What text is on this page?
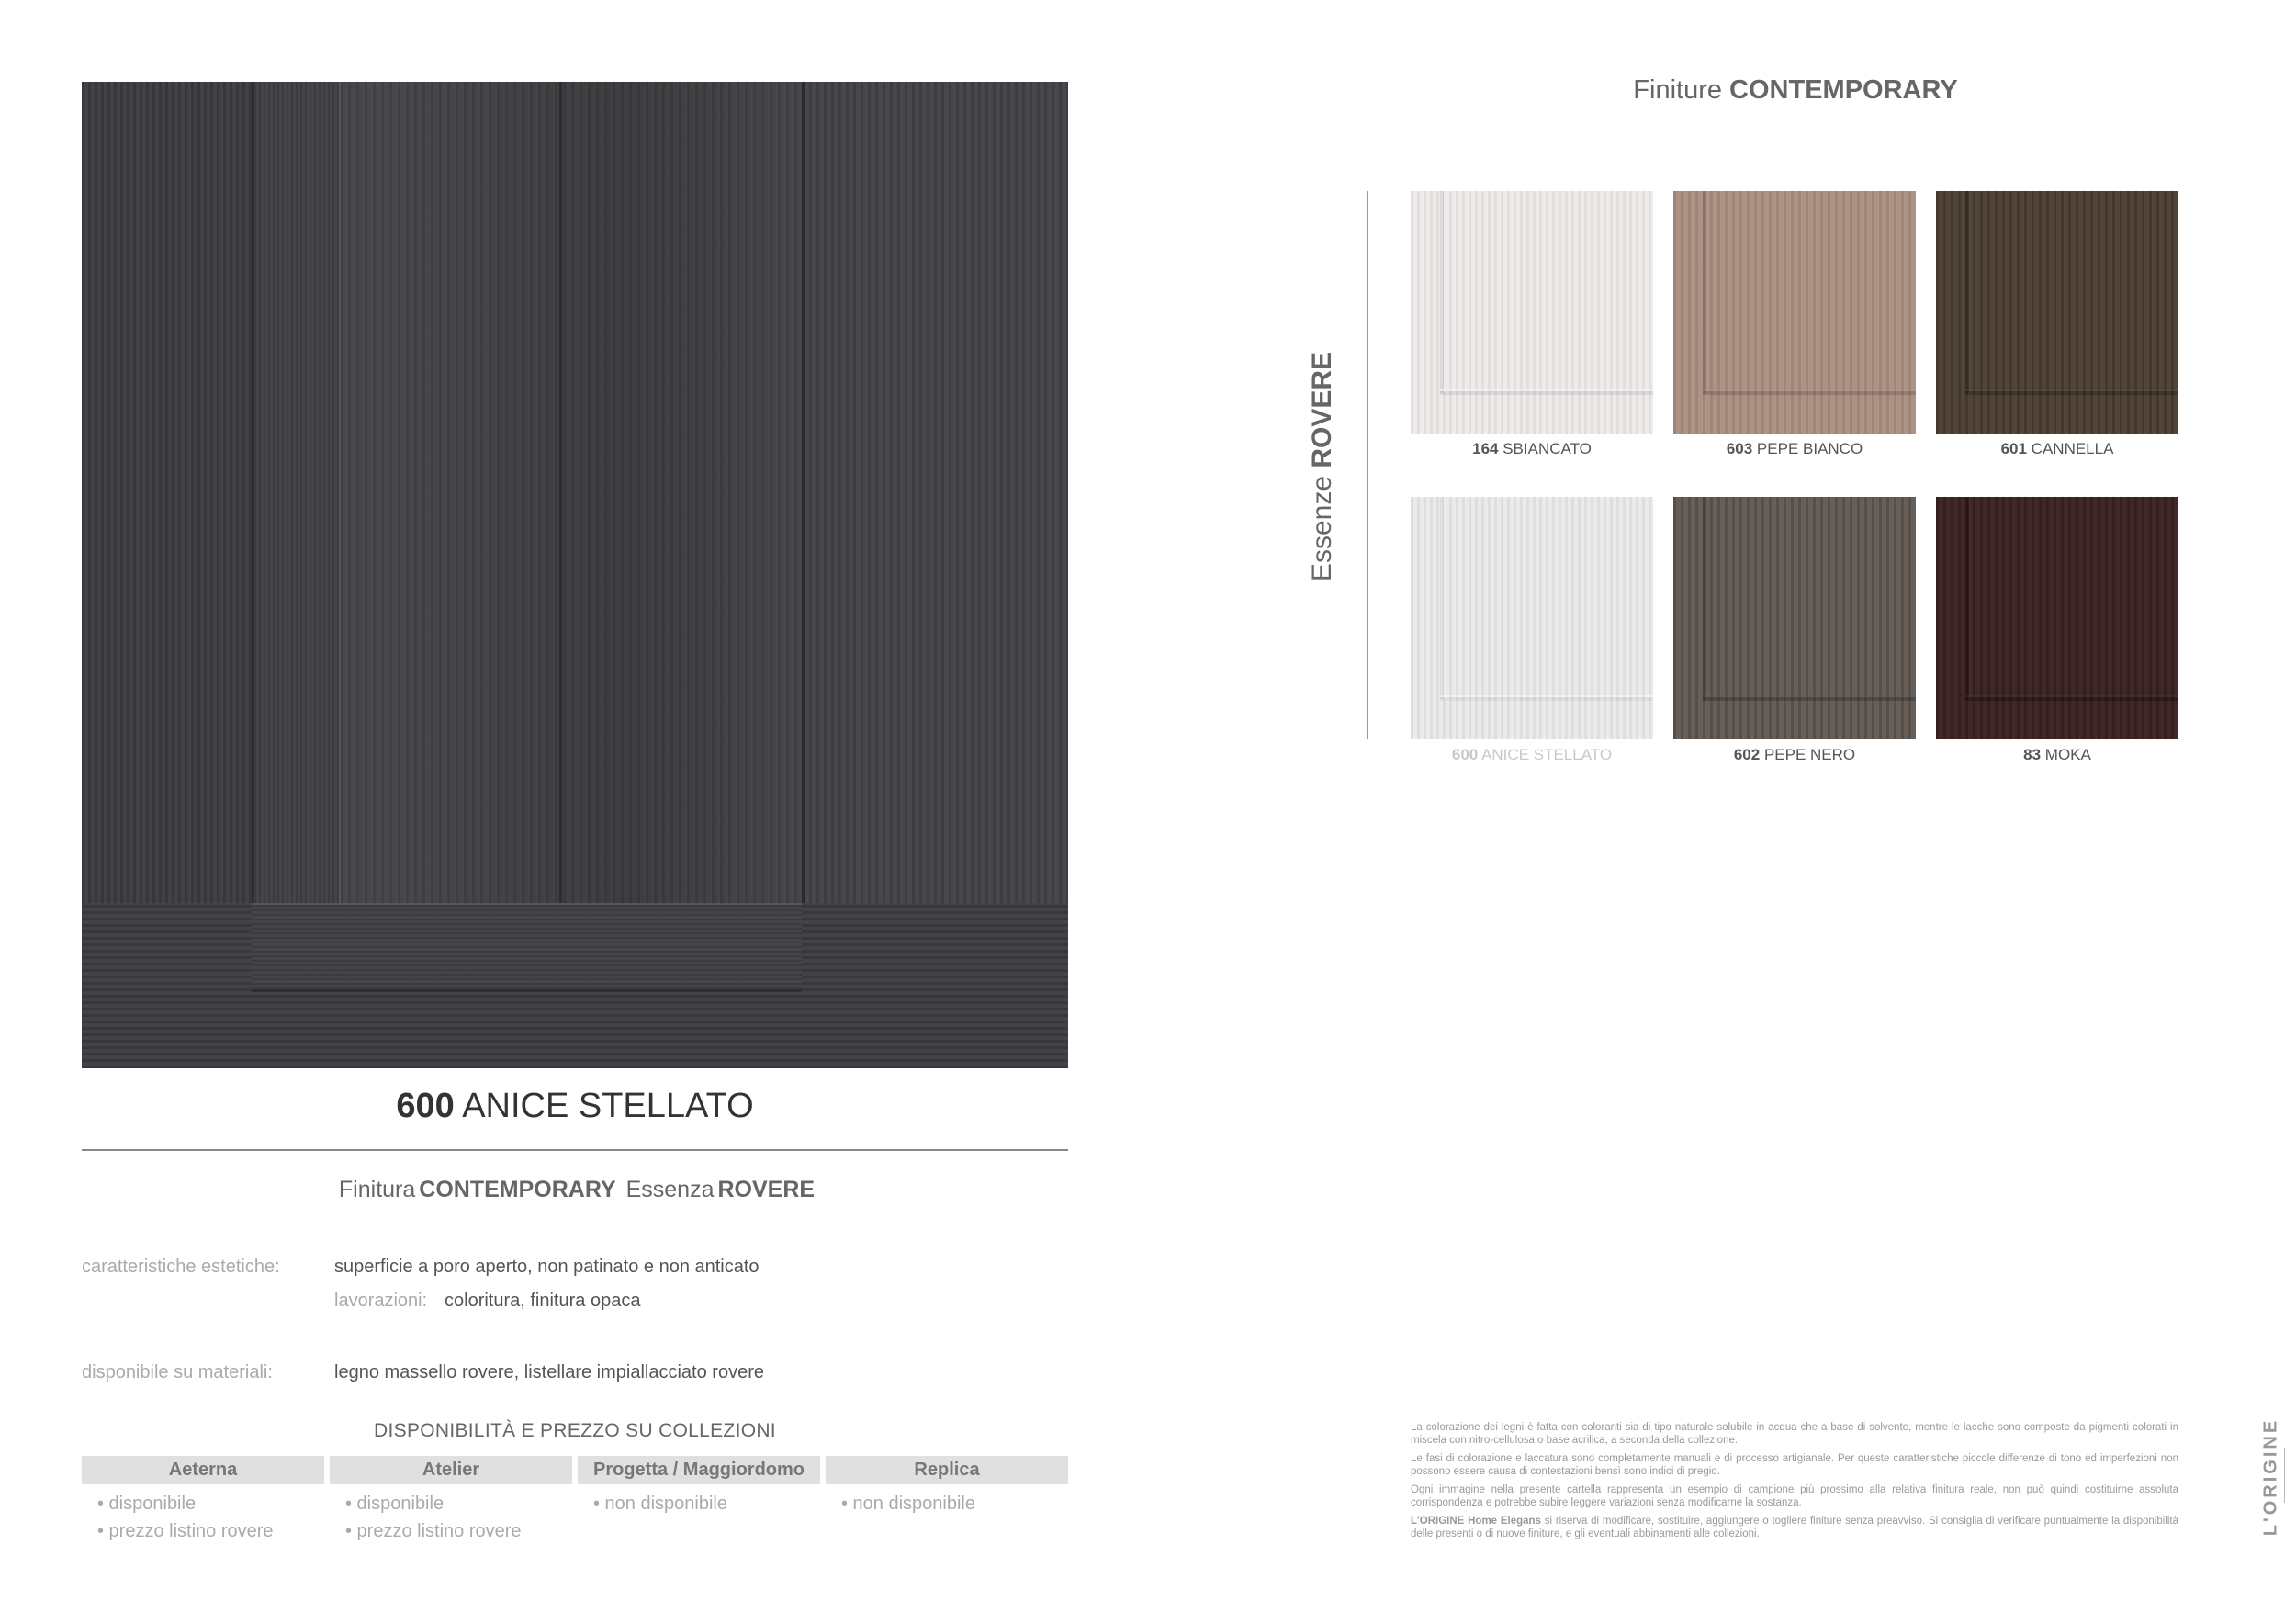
600 ANICE STELLATO
Finitura CONTEMPORARY Essenza ROVERE
caratteristiche estetiche:	superficie a poro aperto, non patinato e non anticato
lavorazioni: coloritura, finitura opaca
disponibile su materiali:	legno massello rovere, listellare impiallacciato rovere
DISPONIBILITÀ E PREZZO SU COLLEZIONI
Aeterna
• disponibile
• prezzo listino rovere
Atelier
• disponibile
• prezzo listino rovere
Progetta / Maggiordomo
• non disponibile
Replica
• non disponibile
Finiture CONTEMPORARY
Essenze ROVERE	164 SBIANCATO	603 PEPE BIANCO	601 CANNELLA
600 ANICE STELLATO	602 PEPE NERO	83 MOKA

La colorazione dei legni è fatta con coloranti sia di tipo naturale solubile in acqua che a base di solvente, mentre le lacche sono composte da pigmenti colorati in miscela con nitro-cellulosa o base acrilica, a seconda della collezione.

Le fasi di colorazione e laccatura sono completamente manuali e di processo artigianale. Per queste caratteristiche piccole differenze di tono ed imperfezioni non possono essere causa di contestazioni bensì sono indici di pregio.

Ogni immagine nella presente cartella rappresenta un esempio di campione più prossimo alla relativa finitura reale, non può quindi costituirne assoluta corrispondenza e potrebbe subire leggere variazioni senza modificarne la sostanza.

L'ORIGINE Home Elegans si riserva di modificare, sostituire, aggiungere o togliere finiture senza preavviso. Si consiglia di verificare puntualmente la disponibilità delle presenti o di nuove finiture, e gli eventuali abbinamenti alle collezioni.	L'ORIGINE
